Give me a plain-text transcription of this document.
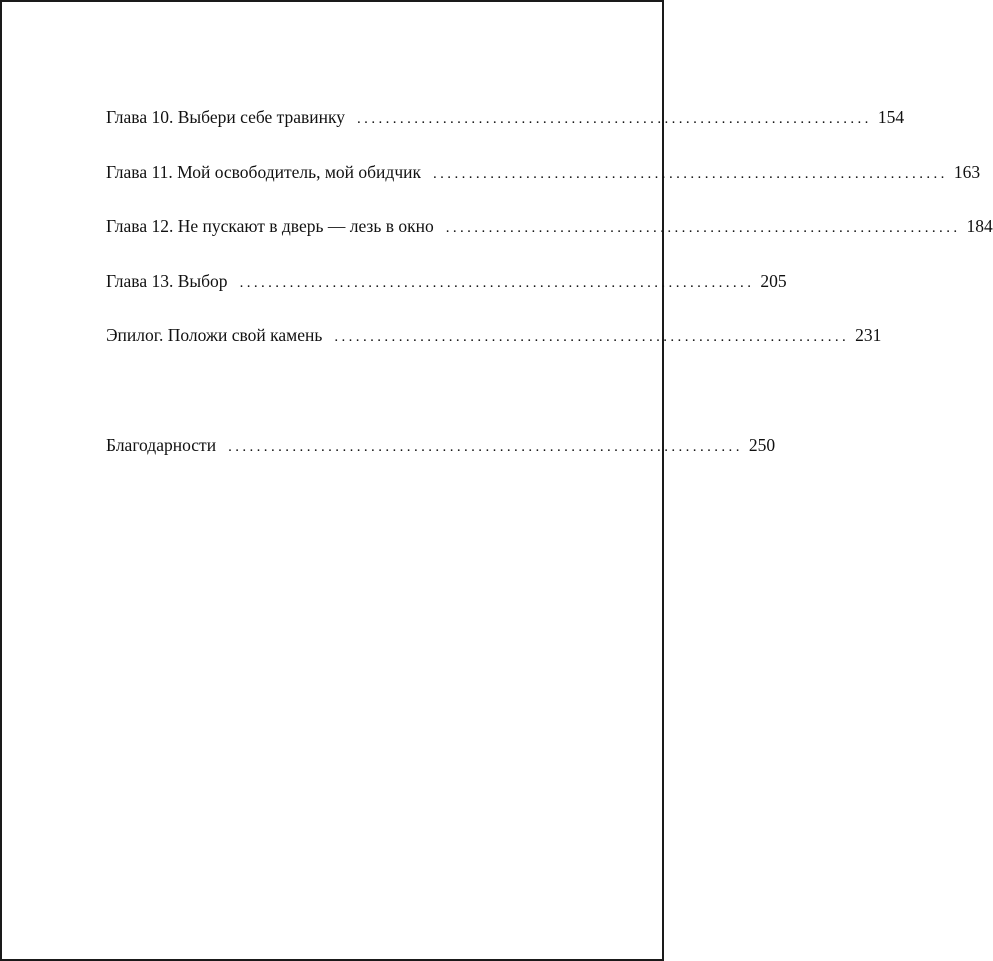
Глава 10. Выбери себе травинку ........................................................................ 154
Глава 11. Мой освободитель, мой обидчик ........................................................................ 163
Глава 12. Не пускают в дверь — лезь в окно ........................................................................ 184
Глава 13. Выбор ........................................................................ 205
Эпилог. Положи свой камень ........................................................................ 231
Благодарности ........................................................................ 250
